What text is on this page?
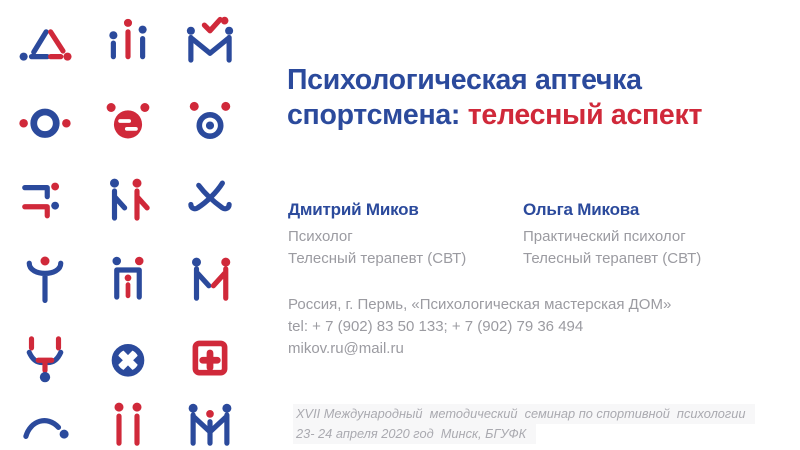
Психологическая аптечка
спортсмена: телесный аспект
Дмитрий Миков
Психолог
Телесный терапевт (СВТ)
Ольга Микова
Практический психолог
Телесный терапевт (СВТ)
Россия, г. Пермь, «Психологическая мастерская ДОМ»
tel: + 7 (902) 83 50 133; + 7 (902) 79 36 494
mikov.ru@mail.ru
XVII Международный  методический  семинар по спортивной  психологии
23- 24 апреля 2020 год  Минск, БГУФК
